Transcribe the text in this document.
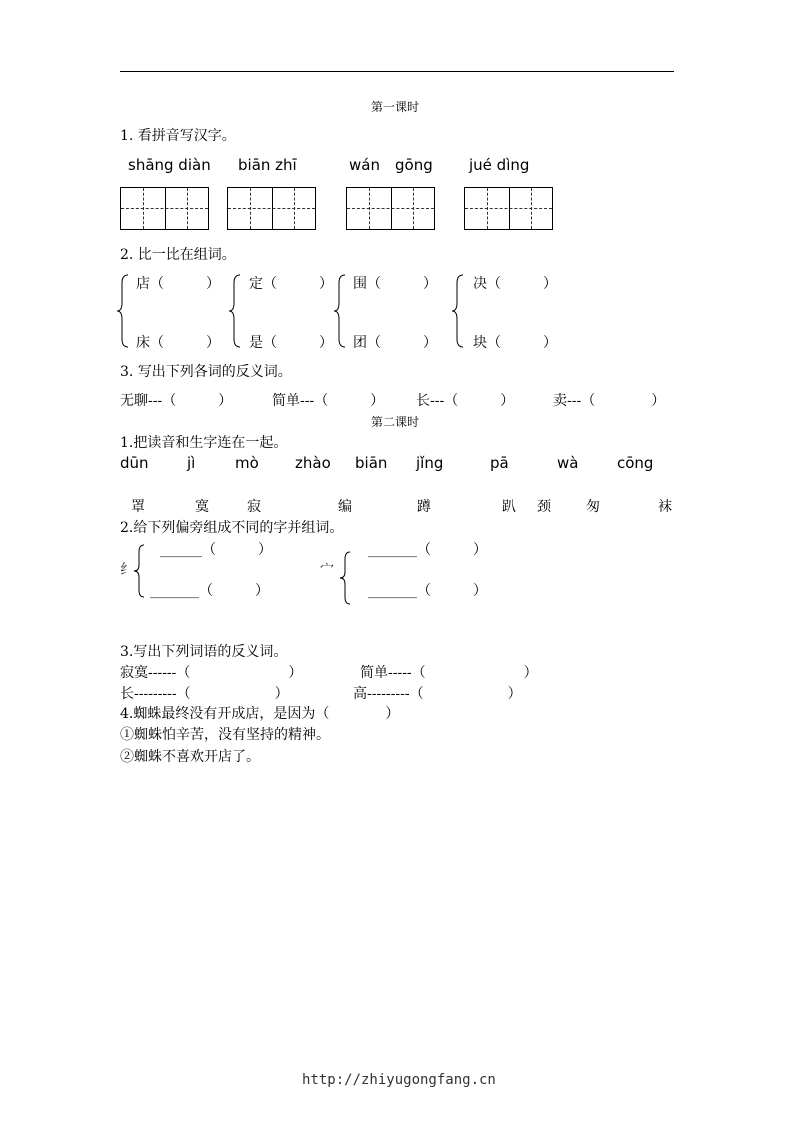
第一课时
1. 看拼音写汉字。
shāng diàn biān zhī	wán gōng jué dìng
2. 比一比在组词。
店（　　　）
床（　　　）
定（　　　）
是（　　　）
围（　　　）
团（　　　）
决（　　　）
块（　　　）
3. 写出下列各词的反义词。
无聊---（　　　）	简单---（　　　） 长---（　　　）	卖---（　　　　）
第二课时
1.把读音和生字连在一起。
dūn	jì	mò zhào biān jǐng	pā	wà	cōng
罩	寞	寂	编	蹲	趴 颈	匆	袜
2.给下列偏旁组成不同的字并组词。
纟
______（　　　）
_______（　　　）
宀
_______（　　　）
_______（　　　）
3.写出下列词语的反义词。
寂寞------（　　　　　　　）	简单-----（　　　　　　　）
长---------（　　　　　　）	高---------（　　　　　　）
4.蜘蛛最终没有开成店，是因为（　　　　）
①蜘蛛怕辛苦，没有坚持的精神。
②蜘蛛不喜欢开店了。
http://zhiyugongfang.cn
